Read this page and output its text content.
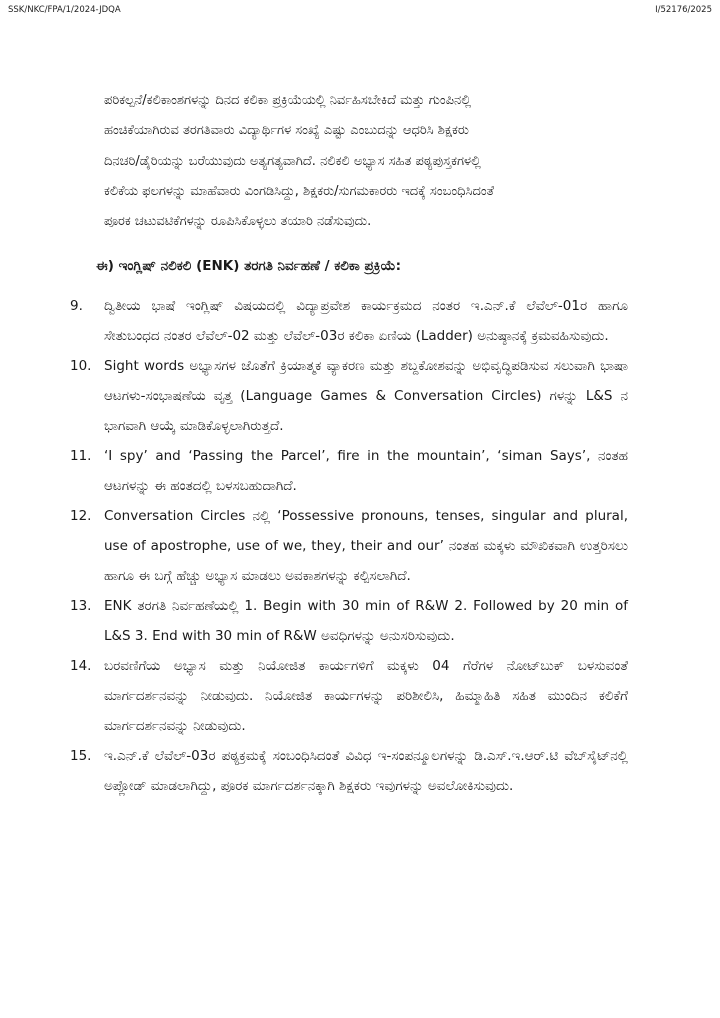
SSK/NKC/FPA/1/2024-JDQA	I/52176/2025

ಪರಿಕಲ್ಪನೆ/ಕಲಿಕಾಂಶಗಳನ್ನು ದಿನದ ಕಲಿಕಾ ಪ್ರಕ್ರಿಯೆಯಲ್ಲಿ ನಿರ್ವಹಿಸಬೇಕಿದೆ ಮತ್ತು ಗುಂಪಿನಲ್ಲಿ

ಹಂಚಿಕೆಯಾಗಿರುವ ತರಗತಿವಾರು ವಿದ್ಯಾರ್ಥಿಗಳ ಸಂಖ್ಯೆ ಎಷ್ಟು ಎಂಬುದನ್ನು ಆಧರಿಸಿ ಶಿಕ್ಷಕರು

ದಿನಚರಿ/ಡೈರಿಯನ್ನು ಬರೆಯುವುದು ಅತ್ಯಗತ್ಯವಾಗಿದೆ. ನಲಿಕಲಿ ಅಭ್ಯಾಸ ಸಹಿತ ಪಠ್ಯಪುಸ್ತಕಗಳಲ್ಲಿ

ಕಲಿಕೆಯ ಫಲಗಳನ್ನು ಮಾಹೆವಾರು ವಿಂಗಡಿಸಿದ್ದು, ಶಿಕ್ಷಕರು/ಸುಗಮಕಾರರು ಇದಕ್ಕೆ ಸಂಬಂಧಿಸಿದಂತೆ

ಪೂರಕ ಚಟುವಟಿಕೆಗಳನ್ನು ರೂಪಿಸಿಕೊಳ್ಳಲು ತಯಾರಿ ನಡೆಸುವುದು.

ಈ) ಇಂಗ್ಲಿಷ್ ನಲಿಕಲಿ (ENK) ತರಗತಿ ನಿರ್ವಹಣೆ / ಕಲಿಕಾ ಪ್ರಕ್ರಿಯೆ:
9.	ದ್ವಿತೀಯ ಭಾಷೆ ಇಂಗ್ಲಿಷ್ ವಿಷಯದಲ್ಲಿ ವಿದ್ಯಾಪ್ರವೇಶ ಕಾರ್ಯಕ್ರಮದ ನಂತರ ಇ.ಎನ್.ಕೆ ಲೆವೆಲ್-01ರ ಹಾಗೂ ಸೇತುಬಂಧದ ನಂತರ ಲೆವೆಲ್-02 ಮತ್ತು ಲೆವೆಲ್-03ರ ಕಲಿಕಾ ಏಣಿಯ (Ladder) ಅನುಷ್ಠಾನಕ್ಕೆ ಕ್ರಮವಹಿಸುವುದು.
10. Sight words ಅಭ್ಯಾಸಗಳ ಜೊತೆಗೆ ಕ್ರಿಯಾತ್ಮಕ ವ್ಯಾಕರಣ ಮತ್ತು ಶಬ್ದಕೋಶವನ್ನು ಅಭಿವೃದ್ಧಿಪಡಿಸುವ ಸಲುವಾಗಿ ಭಾಷಾ ಆಟಗಳು-ಸಂಭಾಷಣೆಯ ವೃತ್ತ (Language Games & Conversation Circles) ಗಳನ್ನು L&S ನ ಭಾಗವಾಗಿ ಆಯ್ಕೆ ಮಾಡಿಕೊಳ್ಳಲಾಗಿರುತ್ತದೆ.
11. ‘I spy’ and ‘Passing the Parcel’, fire in the mountain’, ‘siman Says’, ನಂತಹ ಆಟಗಳನ್ನು ಈ ಹಂತದಲ್ಲಿ ಬಳಸಬಹುದಾಗಿದೆ.
12. Conversation Circles ನಲ್ಲಿ ‘Possessive pronouns, tenses, singular and plural, use of apostrophe, use of we, they, their and our’ ನಂತಹ ಮಕ್ಕಳು ಮೌಖಿಕವಾಗಿ ಉತ್ತರಿಸಲು ಹಾಗೂ ಈ ಬಗ್ಗೆ ಹೆಚ್ಚು ಅಭ್ಯಾಸ ಮಾಡಲು ಅವಕಾಶಗಳನ್ನು ಕಲ್ಪಿಸಲಾಗಿದೆ.
13. ENK ತರಗತಿ ನಿರ್ವಹಣೆಯಲ್ಲಿ 1. Begin with 30 min of R&W 2. Followed by 20 min of L&S 3. End with 30 min of R&W ಅವಧಿಗಳನ್ನು ಅನುಸರಿಸುವುದು.
14. ಬರವಣಿಗೆಯ ಅಭ್ಯಾಸ ಮತ್ತು ನಿಯೋಜಿತ ಕಾರ್ಯಗಳಿಗೆ ಮಕ್ಕಳು 04 ಗೆರೆಗಳ ನೋಟ್‌ಬುಕ್ ಬಳಸುವಂತೆ ಮಾರ್ಗದರ್ಶನವನ್ನು ನೀಡುವುದು. ನಿಯೋಜಿತ ಕಾರ್ಯಗಳನ್ನು ಪರಿಶೀಲಿಸಿ, ಹಿಮ್ಮಾಹಿತಿ ಸಹಿತ ಮುಂದಿನ ಕಲಿಕೆಗೆ ಮಾರ್ಗದರ್ಶನವನ್ನು ನೀಡುವುದು.
15. ಇ.ಎನ್.ಕೆ ಲೆವೆಲ್-03ರ ಪಠ್ಯಕ್ರಮಕ್ಕೆ ಸಂಬಂಧಿಸಿದಂತೆ ವಿವಿಧ ಇ-ಸಂಪನ್ಮೂಲಗಳನ್ನು ಡಿ.ಎಸ್.ಇ.ಆರ್.ಟಿ ವೆಬ್‌ಸೈಟ್‌ನಲ್ಲಿ ಅಪ್ಲೋಡ್ ಮಾಡಲಾಗಿದ್ದು, ಪೂರಕ ಮಾರ್ಗದರ್ಶನಕ್ಕಾಗಿ ಶಿಕ್ಷಕರು ಇವುಗಳನ್ನು ಅವಲೋಕಿಸುವುದು.
